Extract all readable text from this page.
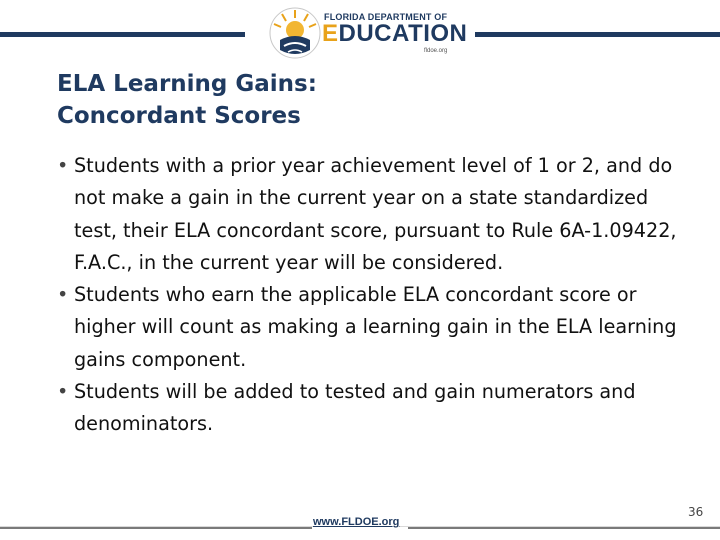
FLORIDA DEPARTMENT OF
EDUCATION
fldoe.org
ELA Learning Gains:
Concordant Scores
• Students with a prior year achievement level of 1 or 2, and do not make a gain in the current year on a state standardized test, their ELA concordant score, pursuant to Rule 6A-1.09422, F.A.C., in the current year will be considered.
• Students who earn the applicable ELA concordant score or higher will count as making a learning gain in the ELA learning gains component.
• Students will be added to tested and gain numerators and denominators.
www.FLDOE.org
36
